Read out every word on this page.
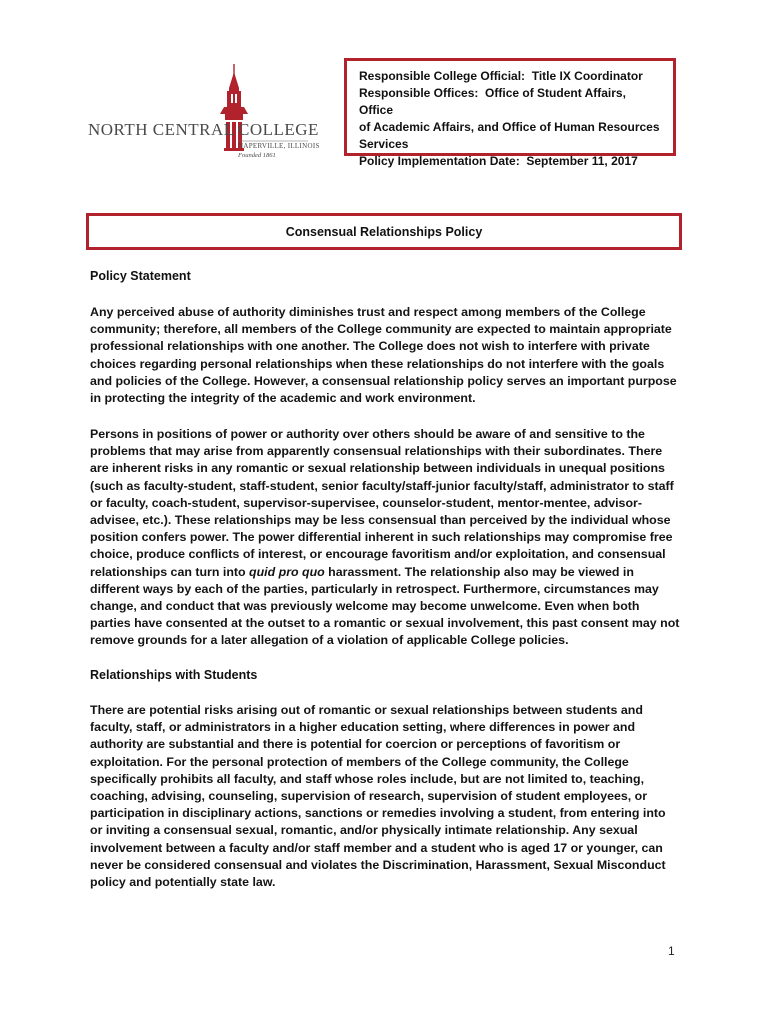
NORTH CENTRAL COLLEGE
NAPERVILLE, ILLINOIS
Founded 1861
Responsible College Official: Title IX Coordinator
Responsible Offices: Office of Student Affairs, Office
of Academic Affairs, and Office of Human Resources
Services
Policy Implementation Date: September 11, 2017
Consensual Relationships Policy
Policy Statement
Any perceived abuse of authority diminishes trust and respect among members of the College community; therefore, all members of the College community are expected to maintain appropriate professional relationships with one another. The College does not wish to interfere with private choices regarding personal relationships when these relationships do not interfere with the goals and policies of the College. However, a consensual relationship policy serves an important purpose in protecting the integrity of the academic and work environment.
Persons in positions of power or authority over others should be aware of and sensitive to the problems that may arise from apparently consensual relationships with their subordinates. There are inherent risks in any romantic or sexual relationship between individuals in unequal positions (such as faculty-student, staff-student, senior faculty/staff-junior faculty/staff, administrator to staff or faculty, coach-student, supervisor-supervisee, counselor-student, mentor-mentee, advisor-advisee, etc.). These relationships may be less consensual than perceived by the individual whose position confers power. The power differential inherent in such relationships may compromise free choice, produce conflicts of interest, or encourage favoritism and/or exploitation, and consensual relationships can turn into quid pro quo harassment. The relationship also may be viewed in different ways by each of the parties, particularly in retrospect. Furthermore, circumstances may change, and conduct that was previously welcome may become unwelcome. Even when both parties have consented at the outset to a romantic or sexual involvement, this past consent may not remove grounds for a later allegation of a violation of applicable College policies.
Relationships with Students
There are potential risks arising out of romantic or sexual relationships between students and faculty, staff, or administrators in a higher education setting, where differences in power and authority are substantial and there is potential for coercion or perceptions of favoritism or exploitation. For the personal protection of members of the College community, the College specifically prohibits all faculty, and staff whose roles include, but are not limited to, teaching, coaching, advising, counseling, supervision of research, supervision of student employees, or participation in disciplinary actions, sanctions or remedies involving a student, from entering into or inviting a consensual sexual, romantic, and/or physically intimate relationship. Any sexual involvement between a faculty and/or staff member and a student who is aged 17 or younger, can never be considered consensual and violates the Discrimination, Harassment, Sexual Misconduct policy and potentially state law.
1
